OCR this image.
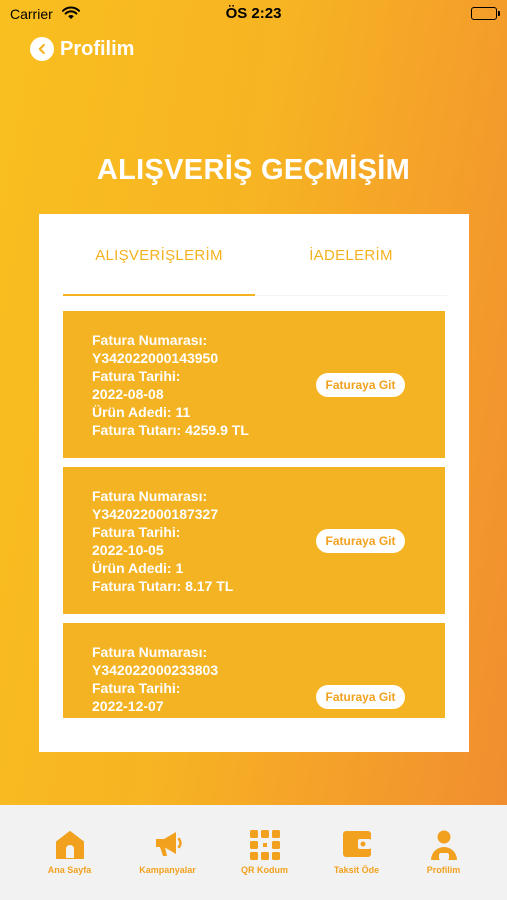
Carrier	ÖS 2:23
Profilim
ALIŞVERİŞ GEÇMİŞİM
ALIŞVERİŞLERİM	İADELERİM
Fatura Numarası:
Y342022000143950
Fatura Tarihi:
2022-08-08
Ürün Adedi: 11
Fatura Tutarı: 4259.9 TL
Faturaya Git
Fatura Numarası:
Y342022000187327
Fatura Tarihi:
2022-10-05
Ürün Adedi: 1
Fatura Tutarı: 8.17 TL
Faturaya Git
Fatura Numarası:
Y342022000233803
Fatura Tarihi:
2022-12-07
Faturaya Git
Ana Sayfa	Kampanyalar	QR Kodum	Taksit Öde	Profilim
